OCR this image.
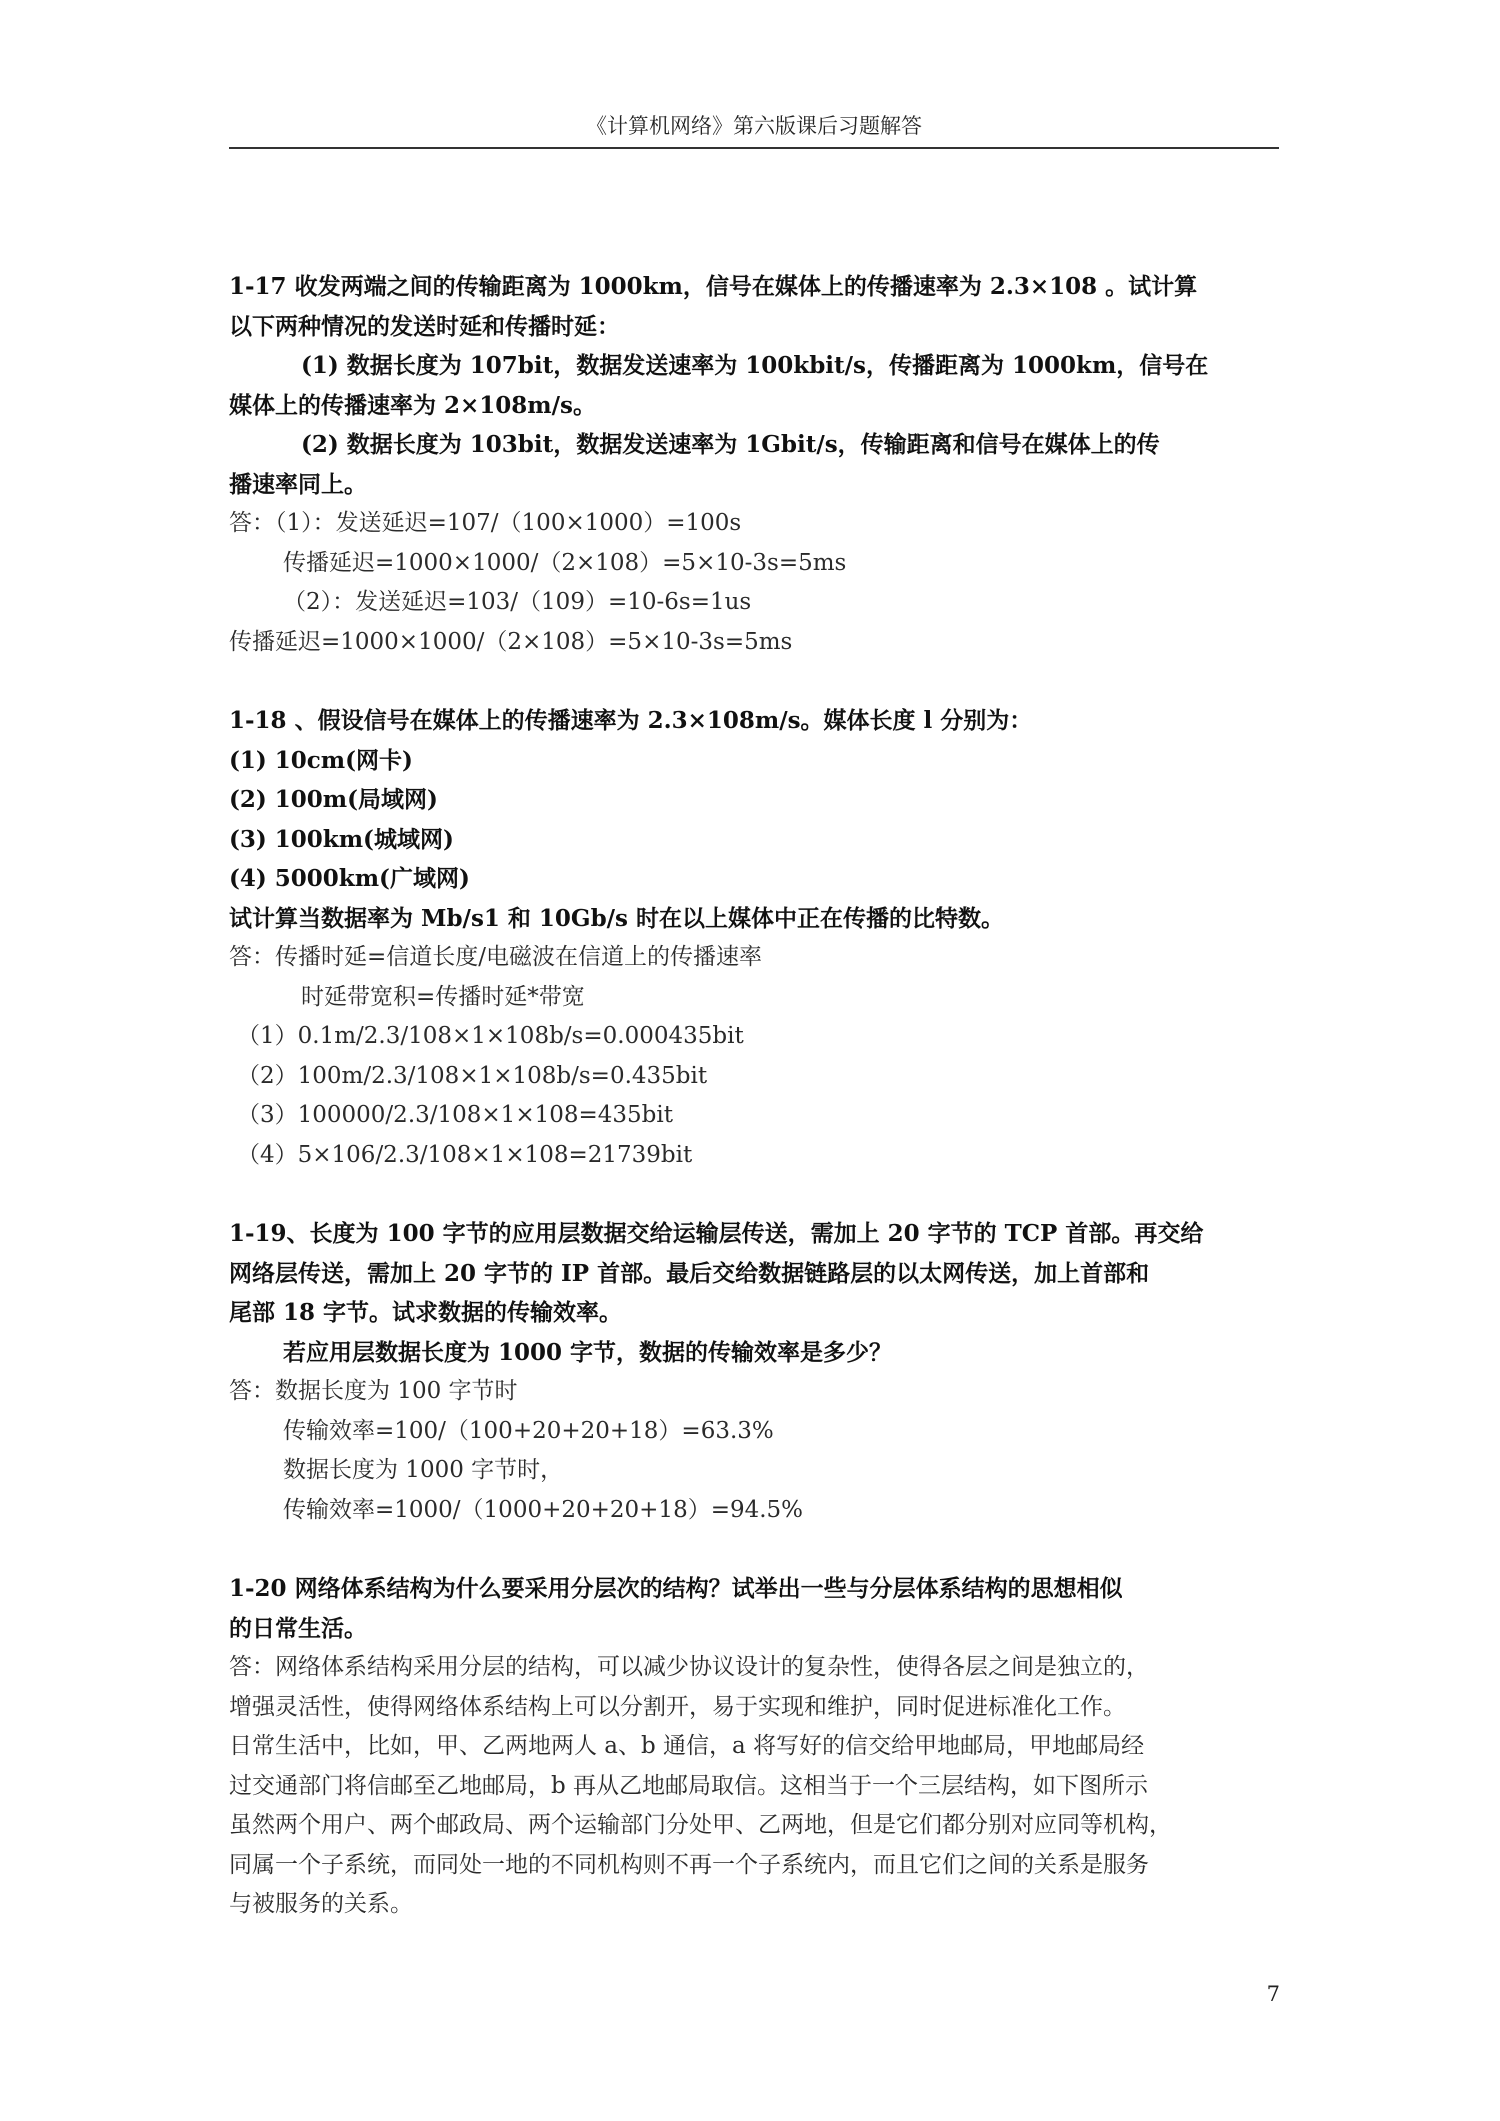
《计算机网络》第六版课后习题解答
1-17 收发两端之间的传输距离为 1000km，信号在媒体上的传播速率为 2.3×108 。试计算
以下两种情况的发送时延和传播时延：
(1) 数据长度为 107bit，数据发送速率为 100kbit/s，传播距离为 1000km，信号在
媒体上的传播速率为 2×108m/s。
(2) 数据长度为 103bit，数据发送速率为 1Gbit/s，传输距离和信号在媒体上的传
播速率同上。
答：（1）：发送延迟=107/（100×1000）=100s
传播延迟=1000×1000/（2×108）=5×10-3s=5ms
（2）：发送延迟=103/（109）=10-6s=1us
传播延迟=1000×1000/（2×108）=5×10-3s=5ms
1-18 、假设信号在媒体上的传播速率为 2.3×108m/s。媒体长度 l 分别为：
(1) 10cm(网卡)
(2) 100m(局域网)
(3) 100km(城域网)
(4) 5000km(广域网)
试计算当数据率为 Mb/s1 和 10Gb/s 时在以上媒体中正在传播的比特数。
答：传播时延=信道长度/电磁波在信道上的传播速率
时延带宽积=传播时延*带宽
（1）0.1m/2.3/108×1×108b/s=0.000435bit
（2）100m/2.3/108×1×108b/s=0.435bit
（3）100000/2.3/108×1×108=435bit
（4）5×106/2.3/108×1×108=21739bit
1-19、长度为 100 字节的应用层数据交给运输层传送，需加上 20 字节的 TCP 首部。再交给
网络层传送，需加上 20 字节的 IP 首部。最后交给数据链路层的以太网传送，加上首部和
尾部 18 字节。试求数据的传输效率。
若应用层数据长度为 1000 字节，数据的传输效率是多少？
答：数据长度为 100 字节时
传输效率=100/（100+20+20+18）=63.3%
数据长度为 1000 字节时，
传输效率=1000/（1000+20+20+18）=94.5%
1-20 网络体系结构为什么要采用分层次的结构？试举出一些与分层体系结构的思想相似
的日常生活。
答：网络体系结构采用分层的结构，可以减少协议设计的复杂性，使得各层之间是独立的，
增强灵活性，使得网络体系结构上可以分割开，易于实现和维护，同时促进标准化工作。
日常生活中，比如，甲、乙两地两人 a、b 通信，a 将写好的信交给甲地邮局，甲地邮局经
过交通部门将信邮至乙地邮局，b 再从乙地邮局取信。这相当于一个三层结构，如下图所示
虽然两个用户、两个邮政局、两个运输部门分处甲、乙两地，但是它们都分别对应同等机构，
同属一个子系统，而同处一地的不同机构则不再一个子系统内，而且它们之间的关系是服务
与被服务的关系。
7
